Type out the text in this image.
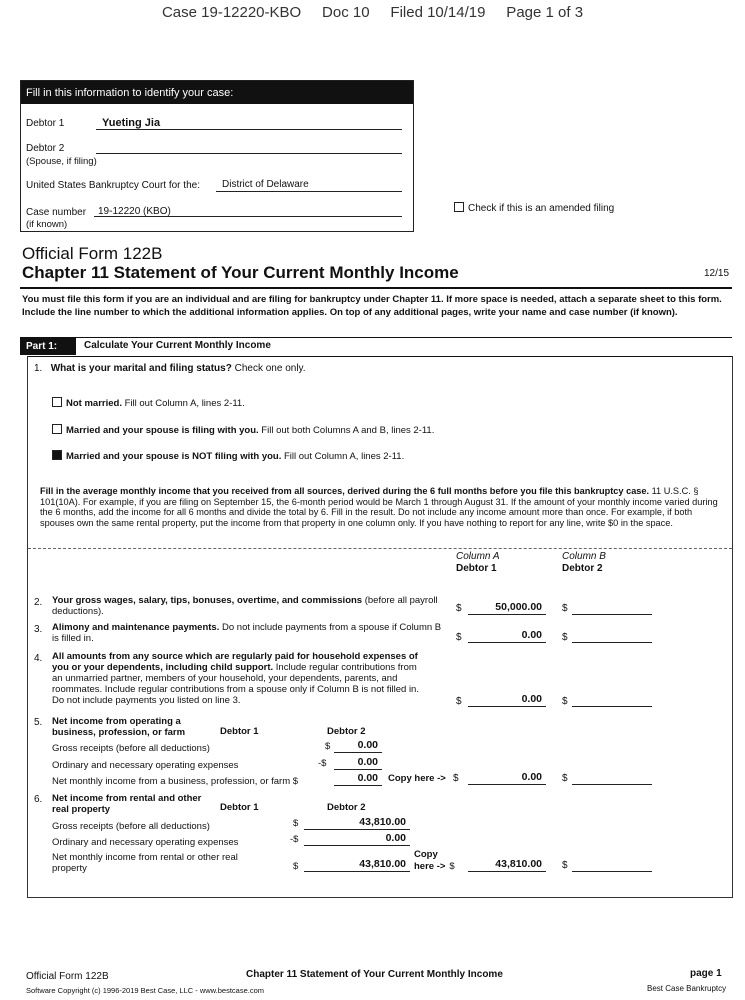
Case 19-12220-KBO     Doc 10     Filed 10/14/19     Page 1 of 3
Fill in this information to identify your case:
Debtor 1	Yueting Jia
Debtor 2
(Spouse, if filing)
United States Bankruptcy Court for the: District of Delaware
Case number
(if known)
19-12220 (KBO)	Check if this is an amended filing
Official Form 122B
Chapter 11 Statement of Your Current Monthly Income	12/15
You must file this form if you are an individual and are filing for bankruptcy under Chapter 11. If more space is needed, attach a separate sheet to this form. Include the line number to which the additional information applies. On top of any additional pages, write your name and case number (if known).
Part 1:	Calculate Your Current Monthly Income
1. What is your marital and filing status? Check one only.
Not married. Fill out Column A, lines 2-11.
Married and your spouse is filing with you. Fill out both Columns A and B, lines 2-11.
Married and your spouse is NOT filing with you. Fill out Column A, lines 2-11.
Fill in the average monthly income that you received from all sources, derived during the 6 full months before you file this bankruptcy case. 11 U.S.C. § 101(10A). For example, if you are filing on September 15, the 6-month period would be March 1 through August 31. If the amount of your monthly income varied during the 6 months, add the income for all 6 months and divide the total by 6. Fill in the result. Do not include any income amount more than once. For example, if both spouses own the same rental property, put the income from that property in one column only. If you have nothing to report for any line, write $0 in the space.
Column A
Debtor 1
Column B
Debtor 2
2. Your gross wages, salary, tips, bonuses, overtime, and commissions (before all payroll deductions).	$	50,000.00 $
3. Alimony and maintenance payments. Do not include payments from a spouse if Column B is filled in.	$	0.00 $
4. All amounts from any source which are regularly paid for household expenses of you or your dependents, including child support. Include regular contributions from an unmarried partner, members of your household, your dependents, parents, and roommates. Include regular contributions from a spouse only if Column B is not filled in. Do not include payments you listed on line 3.	$	0.00 $
5. Net income from operating a business, profession, or farm	Debtor 1	Debtor 2
Gross receipts (before all deductions)	$	0.00
Ordinary and necessary operating expenses	-$	0.00
Net monthly income from a business, profession, or farm $	0.00 Copy here -> $	0.00 $
6. Net income from rental and other real property	Debtor 1	Debtor 2
Gross receipts (before all deductions)	$	43,810.00
Ordinary and necessary operating expenses	-$	0.00
Net monthly income from rental or other real property	$	43,810.00
Copy
here -> $	43,810.00 $
Official Form 122B
Software Copyright (c) 1996-2019 Best Case, LLC - www.bestcase.com
Chapter 11 Statement of Your Current Monthly Income	page 1
Best Case Bankruptcy
